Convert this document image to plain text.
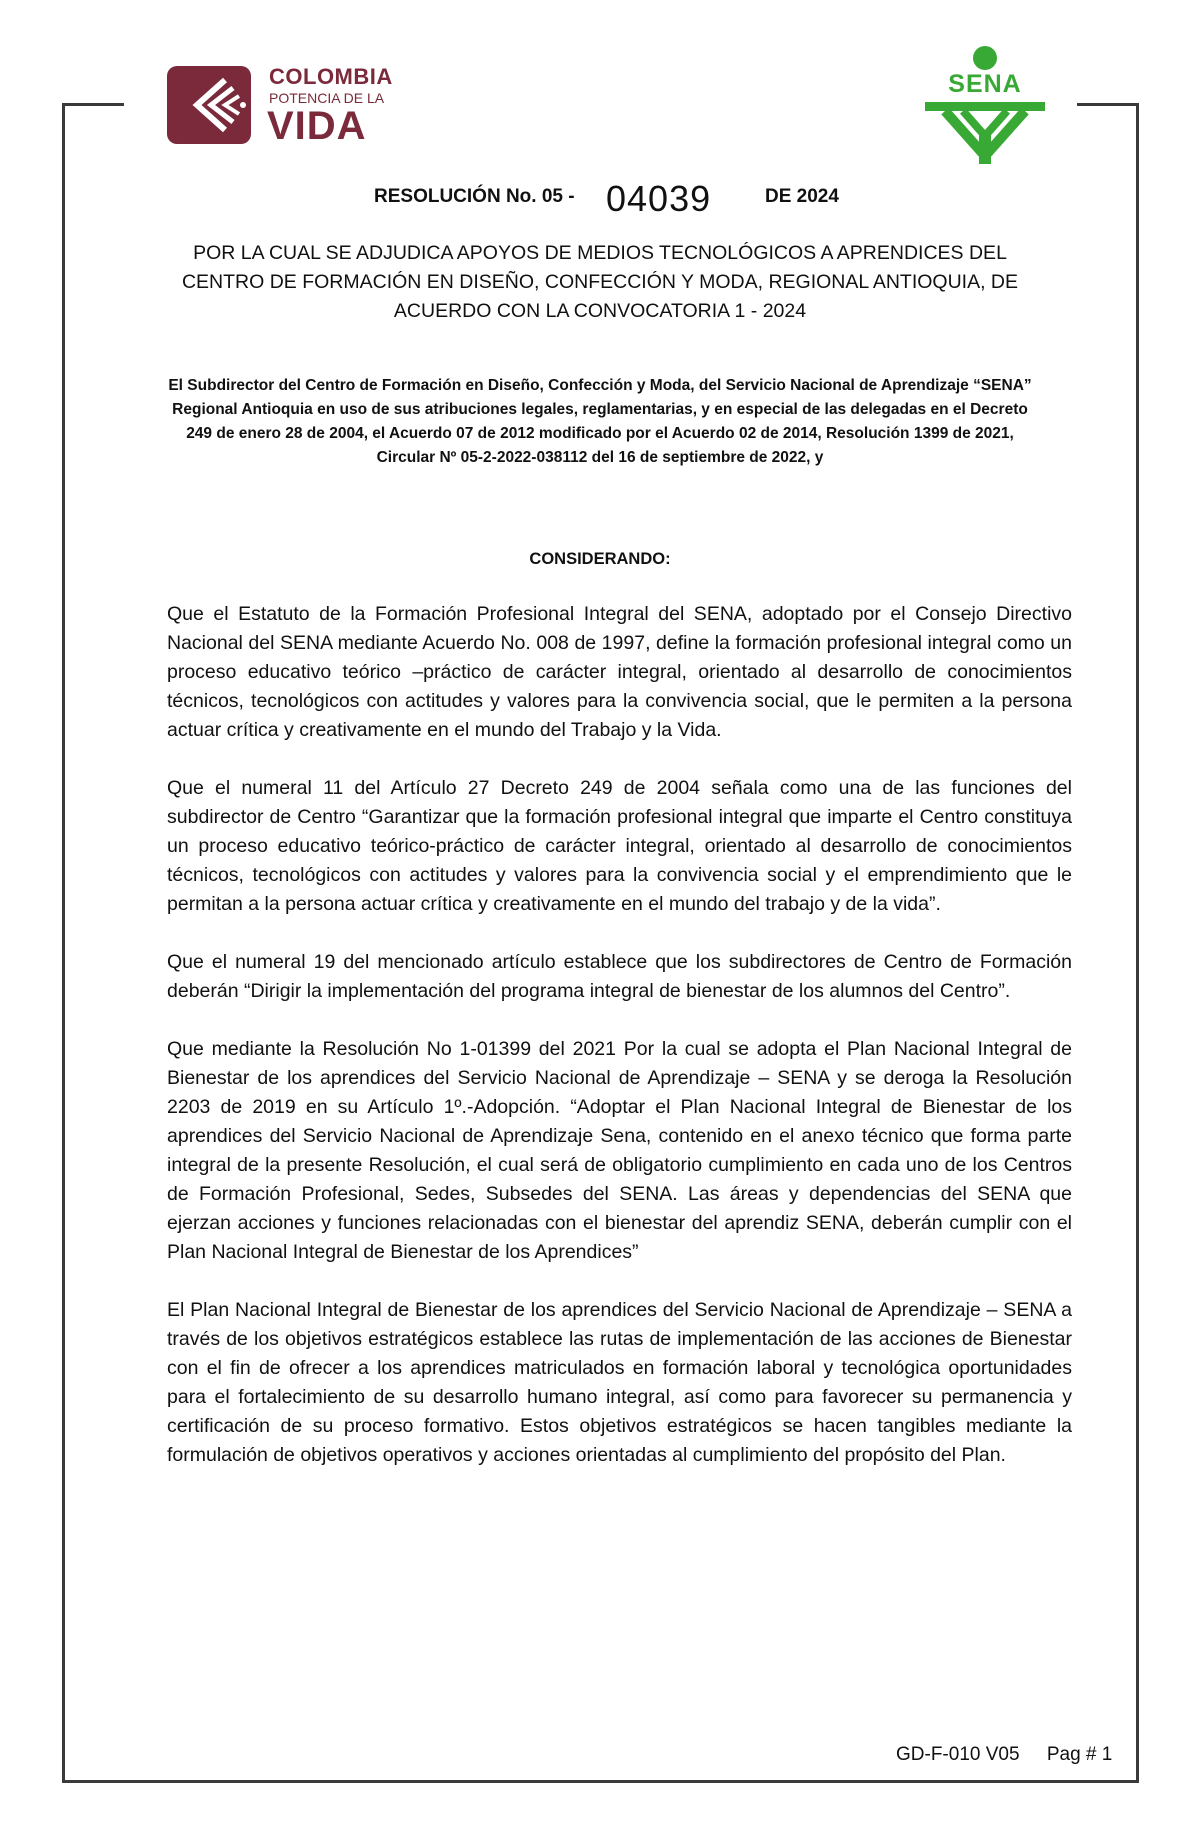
COLOMBIA
POTENCIA DE LA
VIDA
SENA
RESOLUCIÓN No. 05 - 04039	DE 2024
POR LA CUAL SE ADJUDICA APOYOS DE MEDIOS TECNOLÓGICOS A APRENDICES DEL CENTRO DE FORMACIÓN EN DISEÑO, CONFECCIÓN Y MODA, REGIONAL ANTIOQUIA, DE ACUERDO CON LA CONVOCATORIA 1 - 2024
El Subdirector del Centro de Formación en Diseño, Confección y Moda, del Servicio Nacional de Aprendizaje “SENA” Regional Antioquia en uso de sus atribuciones legales, reglamentarias, y en especial de las delegadas en el Decreto 249 de enero 28 de 2004, el Acuerdo 07 de 2012 modificado por el Acuerdo 02 de 2014, Resolución 1399 de 2021, Circular Nº 05-2-2022-038112 del 16 de septiembre de 2022, y
CONSIDERANDO:

Que el Estatuto de la Formación Profesional Integral del SENA, adoptado por el Consejo Directivo Nacional del SENA mediante Acuerdo No. 008 de 1997, define la formación profesional integral como un proceso educativo teórico –práctico de carácter integral, orientado al desarrollo de conocimientos técnicos, tecnológicos con actitudes y valores para la convivencia social, que le permiten a la persona actuar crítica y creativamente en el mundo del Trabajo y la Vida.

Que el numeral 11 del Artículo 27 Decreto 249 de 2004 señala como una de las funciones del subdirector de Centro “Garantizar que la formación profesional integral que imparte el Centro constituya un proceso educativo teórico-práctico de carácter integral, orientado al desarrollo de conocimientos técnicos, tecnológicos con actitudes y valores para la convivencia social y el emprendimiento que le permitan a la persona actuar crítica y creativamente en el mundo del trabajo y de la vida”.

Que el numeral 19 del mencionado artículo establece que los subdirectores de Centro de Formación deberán “Dirigir la implementación del programa integral de bienestar de los alumnos del Centro”.

Que mediante la Resolución No 1-01399 del 2021 Por la cual se adopta el Plan Nacional Integral de Bienestar de los aprendices del Servicio Nacional de Aprendizaje – SENA y se deroga la Resolución 2203 de 2019 en su Artículo 1º.-Adopción. “Adoptar el Plan Nacional Integral de Bienestar de los aprendices del Servicio Nacional de Aprendizaje Sena, contenido en el anexo técnico que forma parte integral de la presente Resolución, el cual será de obligatorio cumplimiento en cada uno de los Centros de Formación Profesional, Sedes, Subsedes del SENA. Las áreas y dependencias del SENA que ejerzan acciones y funciones relacionadas con el bienestar del aprendiz SENA, deberán cumplir con el Plan Nacional Integral de Bienestar de los Aprendices”

El Plan Nacional Integral de Bienestar de los aprendices del Servicio Nacional de Aprendizaje – SENA a través de los objetivos estratégicos establece las rutas de implementación de las acciones de Bienestar con el fin de ofrecer a los aprendices matriculados en formación laboral y tecnológica oportunidades para el fortalecimiento de su desarrollo humano integral, así como para favorecer su permanencia y certificación de su proceso formativo. Estos objetivos estratégicos se hacen tangibles mediante la formulación de objetivos operativos y acciones orientadas al cumplimiento del propósito del Plan.

GD-F-010 V05 Pag # 1
